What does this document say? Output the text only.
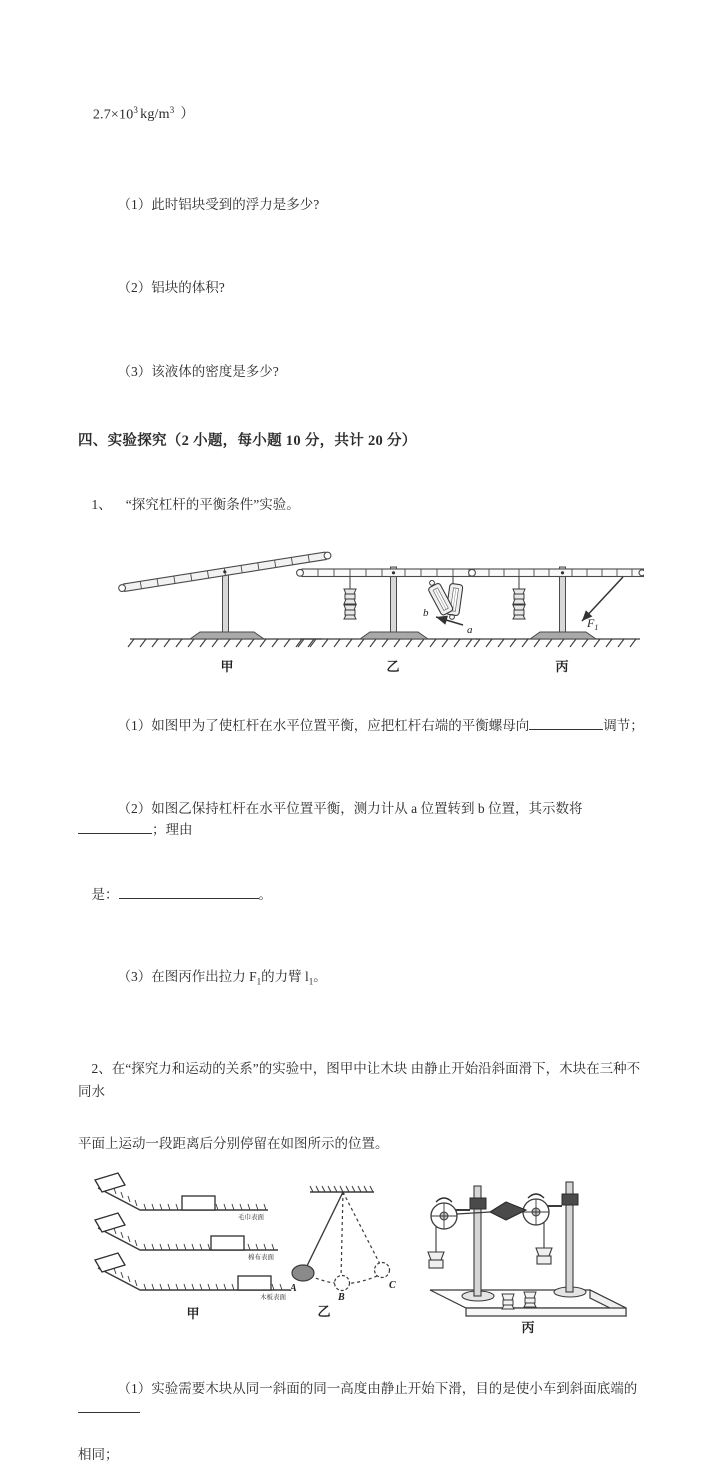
$2.7\times 10^3$ $kg/m^3$ ）

（1）此时铝块受到的浮力是多少?

（2）铝块的体积?

（3）该液体的密度是多少?

四、实验探究（2 小题，每小题 10 分，共计 20 分）

1、 “探究杠杆的平衡条件”实验。

甲
b
a
乙
$F_1$
丙

（1）如图甲为了使杠杆在水平位置平衡，应把杠杆右端的平衡螺母向	调节；

（2）如图乙保持杠杆在水平位置平衡，测力计从 a 位置转到 b 位置，其示数将；理由

是：	。

（3）在图丙作出拉力 $F_1$的力臂 $l_1$。

2、在“探究力和运动的关系”的实验中，图甲中让木块 由静止开始沿斜面滑下，木块在三种不同水

平面上运动一段距离后分别停留在如图所示的位置。
毛巾表面
棉布表面
木板表面
甲
A
B
C
乙
丙

（1）实验需要木块从同一斜面的同一高度由静止开始下滑，目的是使小车到斜面底端的

相同；
